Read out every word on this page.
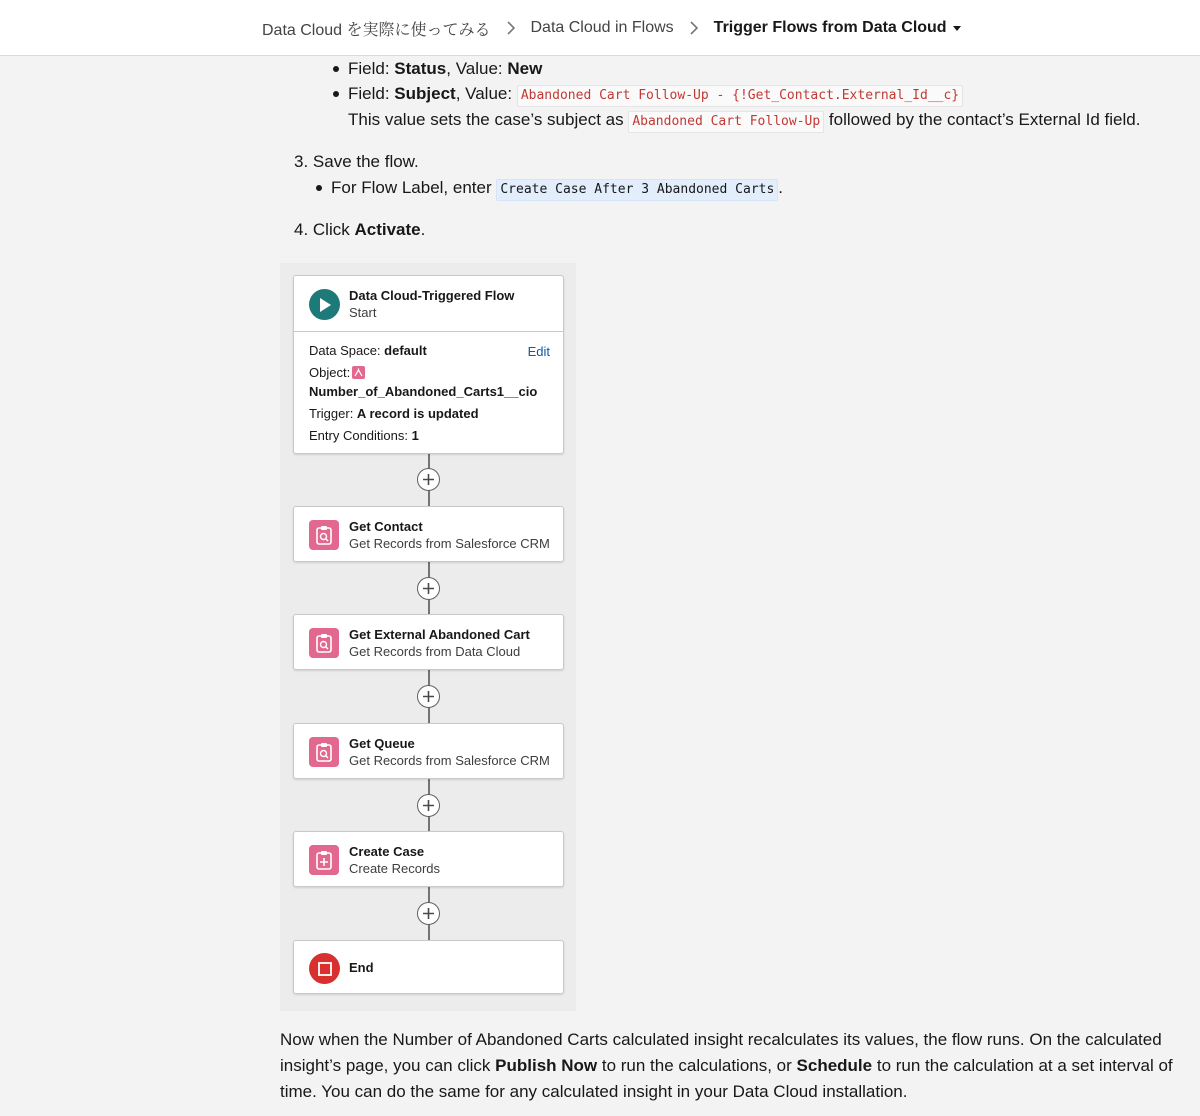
Data Cloud を実際に使ってみる	Data Cloud in Flows	Trigger Flows from Data Cloud
Field: Status, Value: New
Field: Subject, Value: Abandoned Cart Follow-Up - {!Get_Contact.External_Id__c}
This value sets the case’s subject as Abandoned Cart Follow-Up followed by the contact’s External Id field.
3. Save the flow.
For Flow Label, enter Create Case After 3 Abandoned Carts .
4. Click Activate.
Data Cloud-Triggered Flow
Start
Edit
Data Space: default
Object:
Number_of_Abandoned_Carts1__cio
Trigger: A record is updated
Entry Conditions: 1
Get Contact
Get Records from Salesforce CRM
Get External Abandoned Cart
Get Records from Data Cloud
Get Queue
Get Records from Salesforce CRM
Create Case
Create Records
End
Now when the Number of Abandoned Carts calculated insight recalculates its values, the flow runs. On the calculated
insight’s page, you can click Publish Now to run the calculations, or Schedule to run the calculation at a set interval of
time. You can do the same for any calculated insight in your Data Cloud installation.
